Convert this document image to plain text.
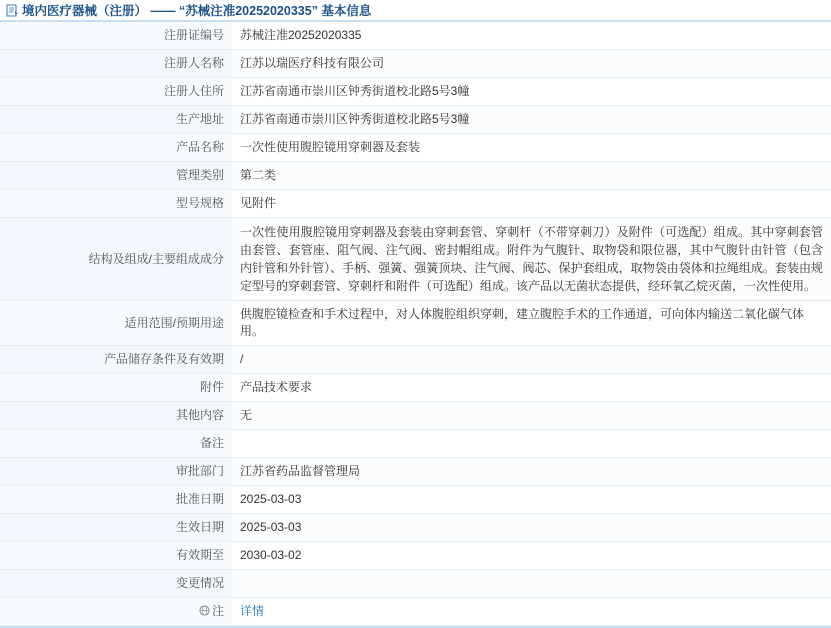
境内医疗器械（注册） —— “苏械注准20252020335” 基本信息
注册证编号	苏械注准20252020335
注册人名称	江苏以瑞医疗科技有限公司
注册人住所	江苏省南通市崇川区钟秀街道校北路5号3幢
生产地址	江苏省南通市崇川区钟秀街道校北路5号3幢
产品名称	一次性使用腹腔镜用穿刺器及套装
管理类别	第二类
型号规格	见附件
结构及组成/主要组成成分	一次性使用腹腔镜用穿刺器及套装由穿刺套管、穿刺杆（不带穿刺刀）及附件（可选配）组成。其中穿刺套管由套管、套管座、阻气阀、注气阀、密封帽组成。附件为气腹针、取物袋和限位器，其中气腹针由针管（包含内针管和外针管）、手柄、强簧、强簧顶块、注气阀、阀芯、保护套组成，取物袋由袋体和拉绳组成。套装由规定型号的穿刺套管、穿刺杆和附件（可选配）组成。该产品以无菌状态提供，经环氧乙烷灭菌，一次性使用。
适用范围/预期用途	供腹腔镜检查和手术过程中，对人体腹腔组织穿刺，建立腹腔手术的工作通道，可向体内输送二氧化碳气体用。
产品储存条件及有效期	/
附件	产品技术要求
其他内容	无
备注	
审批部门	江苏省药品监督管理局
批准日期	2025-03-03
生效日期	2025-03-03
有效期至	2030-03-02
变更情况	
注	详情
